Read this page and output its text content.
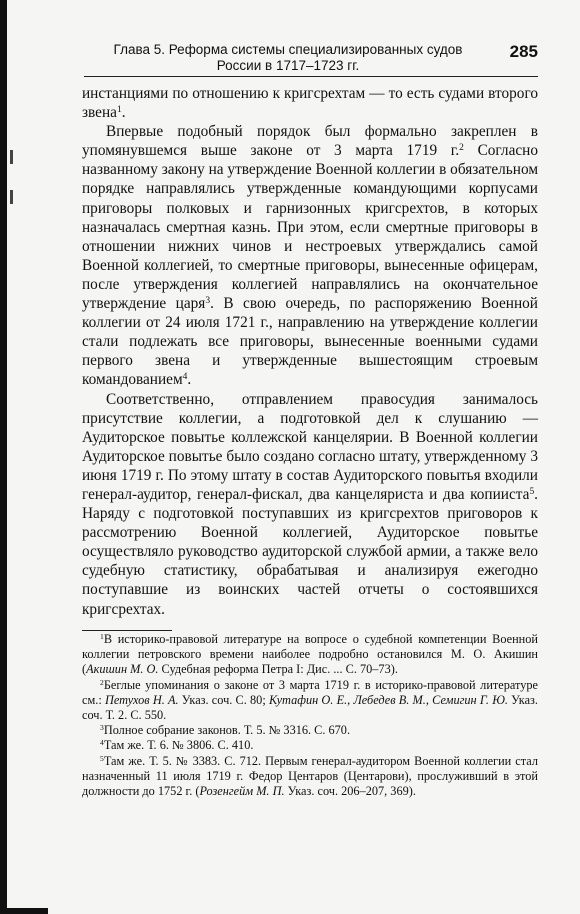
Глава 5. Реформа системы специализированных судов
России в 1717–1723 гг.
285

инстанциями по отношению к кригсрехтам — то есть судами второго звена$^1$.

Впервые подобный порядок был формально закреплен в упомянувшемся выше законе от 3 марта 1719 г.$^2$ Согласно названному закону на утверждение Военной коллегии в обязательном порядке направлялись утвержденные командующими корпусами приговоры полковых и гарнизонных кригсрехтов, в которых назначалась смертная казнь. При этом, если смертные приговоры в отношении нижних чинов и нестроевых утверждались самой Военной коллегией, то смертные приговоры, вынесенные офицерам, после утверждения коллегией направлялись на окончательное утверждение царя$^3$. В свою очередь, по распоряжению Военной коллегии от 24 июля 1721 г., направлению на утверждение коллегии стали подлежать все приговоры, вынесенные военными судами первого звена и утвержденные вышестоящим строевым командованием$^4$.

Соответственно, отправлением правосудия занималось присутствие коллегии, а подготовкой дел к слушанию — Аудиторское повытье коллежской канцелярии. В Военной коллегии Аудиторское повытье было создано согласно штату, утвержденному 3 июня 1719 г. По этому штату в состав Аудиторского повытья входили генерал-аудитор, генерал-фискал, два канцеляриста и два копииста$^5$. Наряду с подготовкой поступавших из кригсрехтов приговоров к рассмотрению Военной коллегией, Аудиторское повытье осуществляло руководство аудиторской службой армии, а также вело судебную статистику, обрабатывая и анализируя ежегодно поступавшие из воинских частей отчеты о состоявшихся кригсрехтах.

$^1$В историко-правовой литературе на вопросе о судебной компетенции Военной коллегии петровского времени наиболее подробно остановился М. О. Акишин (Акишин М. О. Судебная реформа Петра I: Дис. ... С. 70–73).

$^2$Беглые упоминания о законе от 3 марта 1719 г. в историко-правовой литературе см.: Петухов Н. А. Указ. соч. С. 80; Кутафин О. Е., Лебедев В. М., Семигин Г. Ю. Указ. соч. Т. 2. С. 550.

$^3$Полное собрание законов. Т. 5. № 3316. С. 670.

$^4$Там же. Т. 6. № 3806. С. 410.

$^5$Там же. Т. 5. № 3383. С. 712. Первым генерал-аудитором Военной коллегии стал назначенный 11 июля 1719 г. Федор Центаров (Центарови), прослуживший в этой должности до 1752 г. (Розенгейм М. П. Указ. соч. 206–207, 369).
